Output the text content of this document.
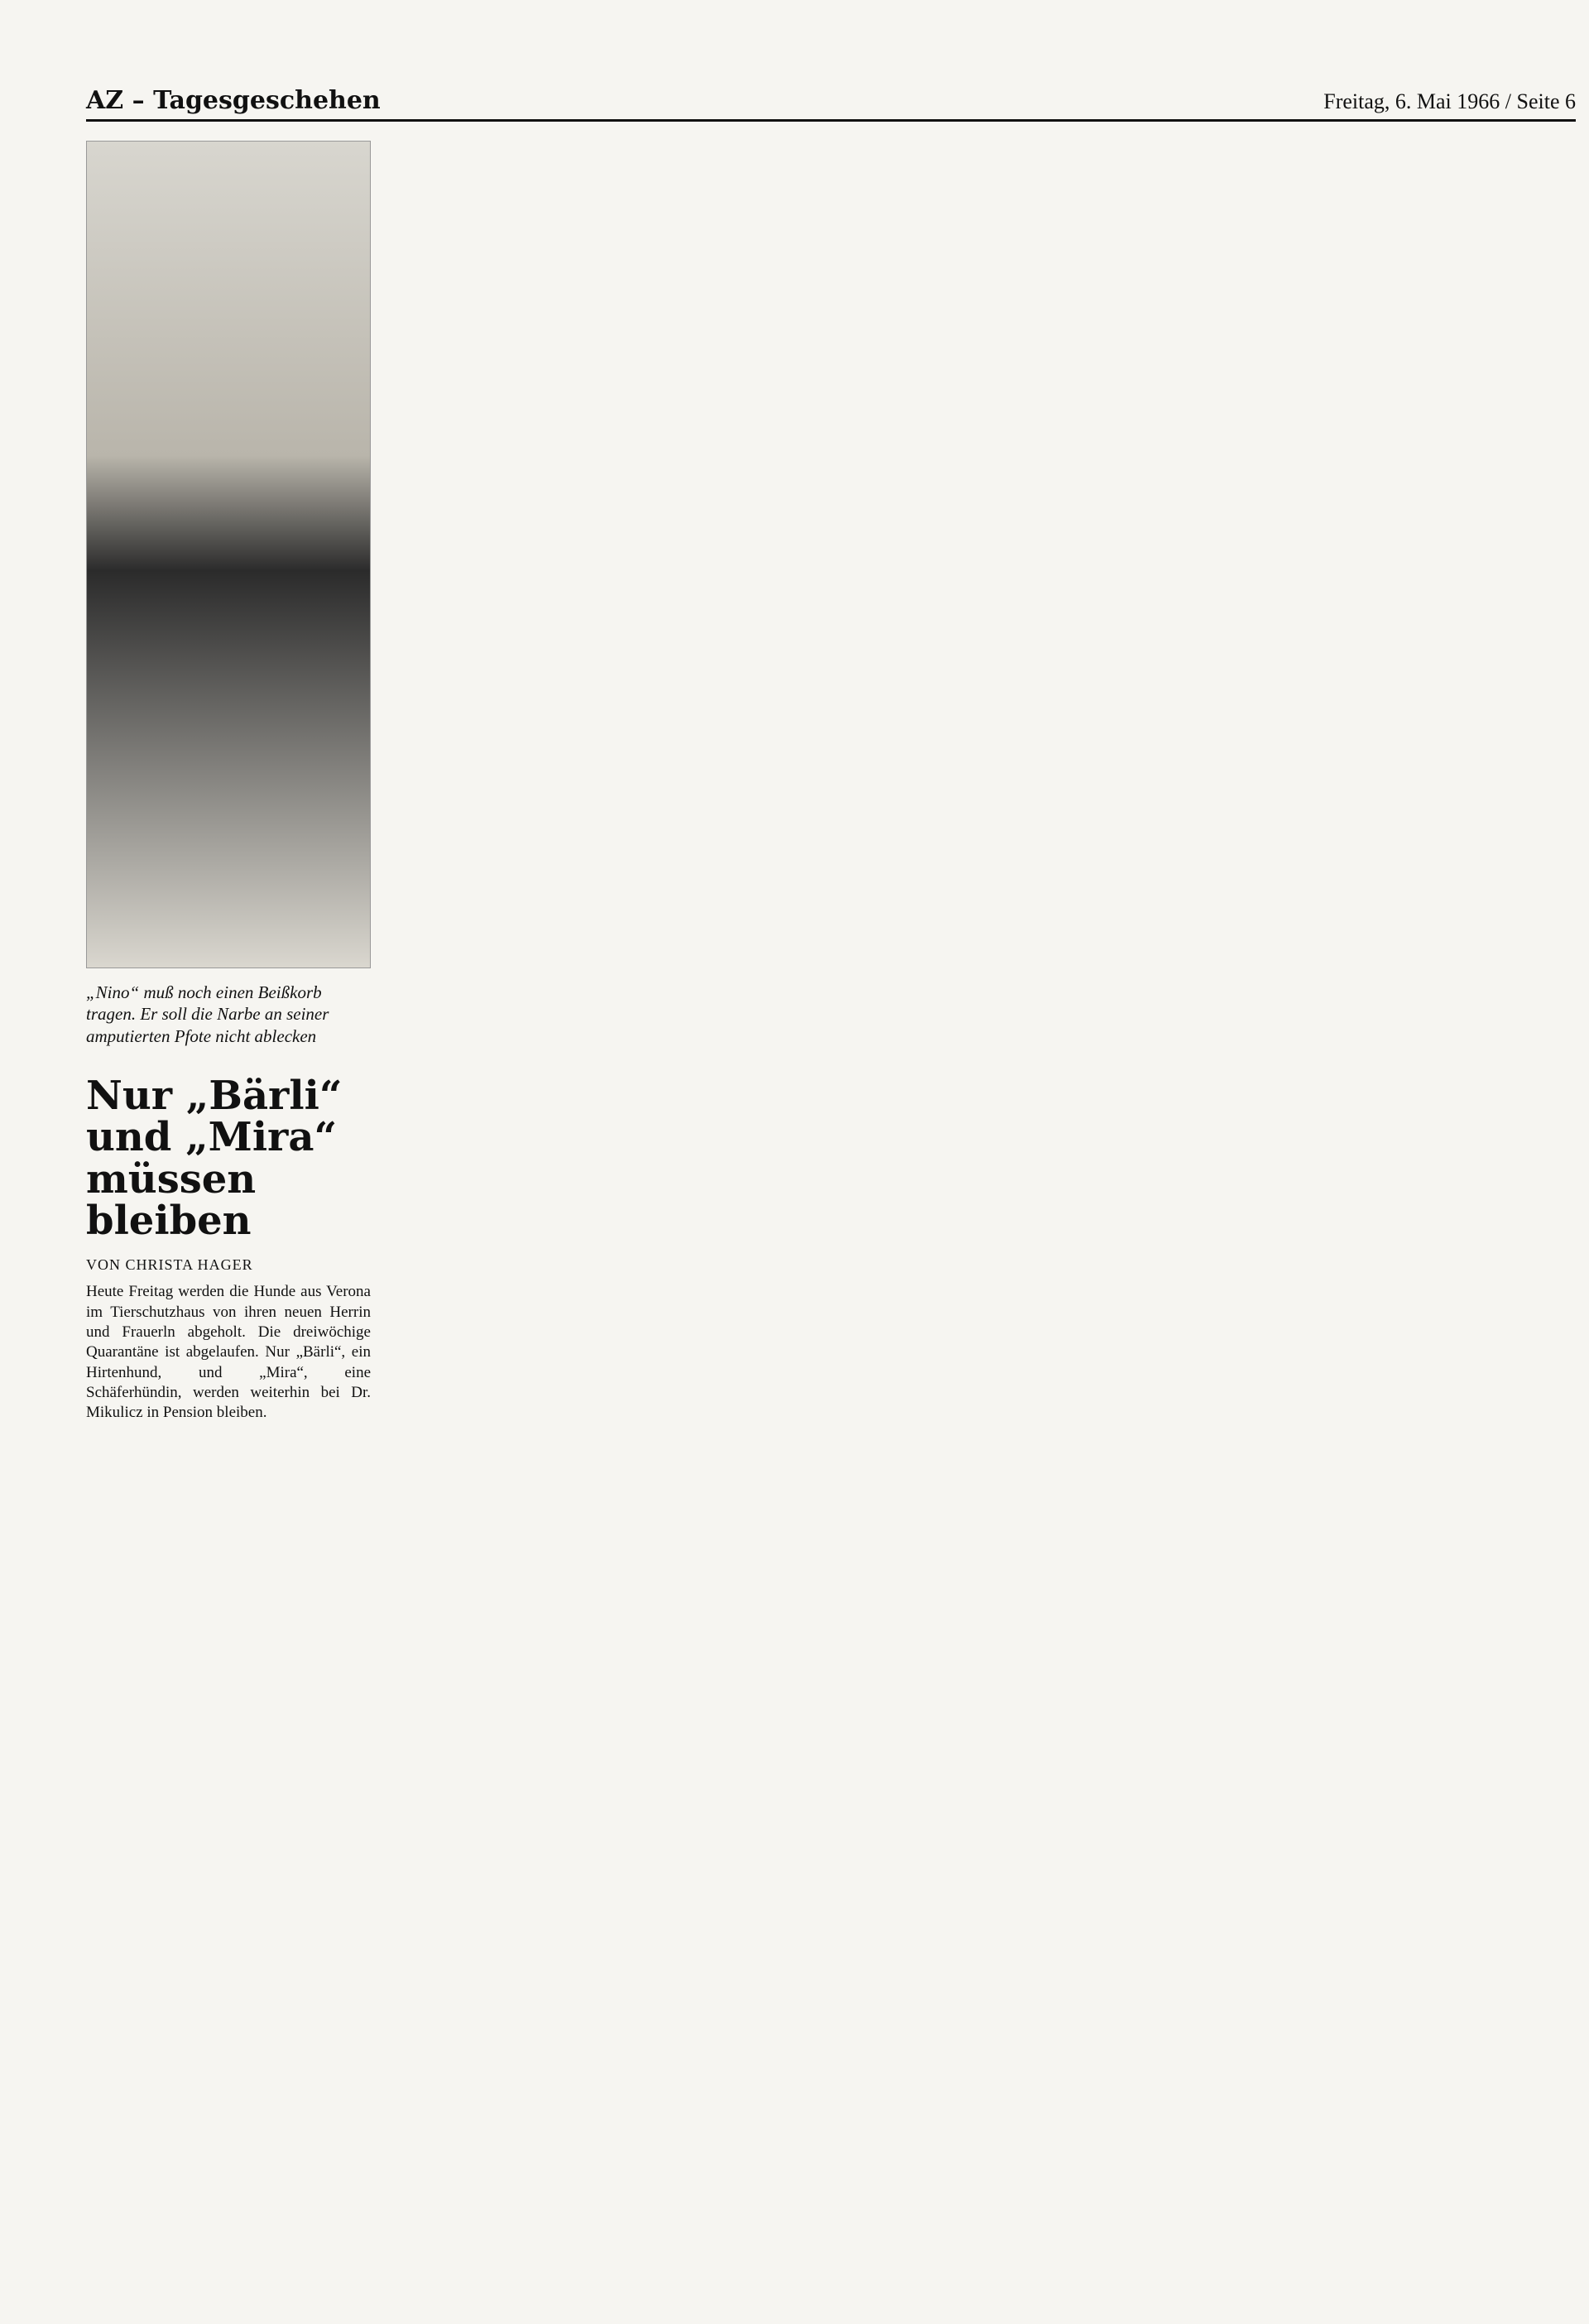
AZ – Tagesgeschehen	Freitag, 6. Mai 1966 / Seite 6
„Nino“ muß noch einen Beißkorb tragen. Er soll die Narbe an seiner amputierten Pfote nicht ablecken
Nur „Bärli“ und „Mira“ müssen bleiben
VON CHRISTA HAGER
Heute Freitag werden die Hunde aus Verona im Tierschutzhaus von ihren neuen Herrin und Frauerln abgeholt. Die dreiwöchige Quarantäne ist abgelaufen. Nur „Bärli“, ein Hirtenhund, und „Mira“, eine Schäferhündin, werden weiterhin bei Dr. Mikulicz in Pension bleiben.
